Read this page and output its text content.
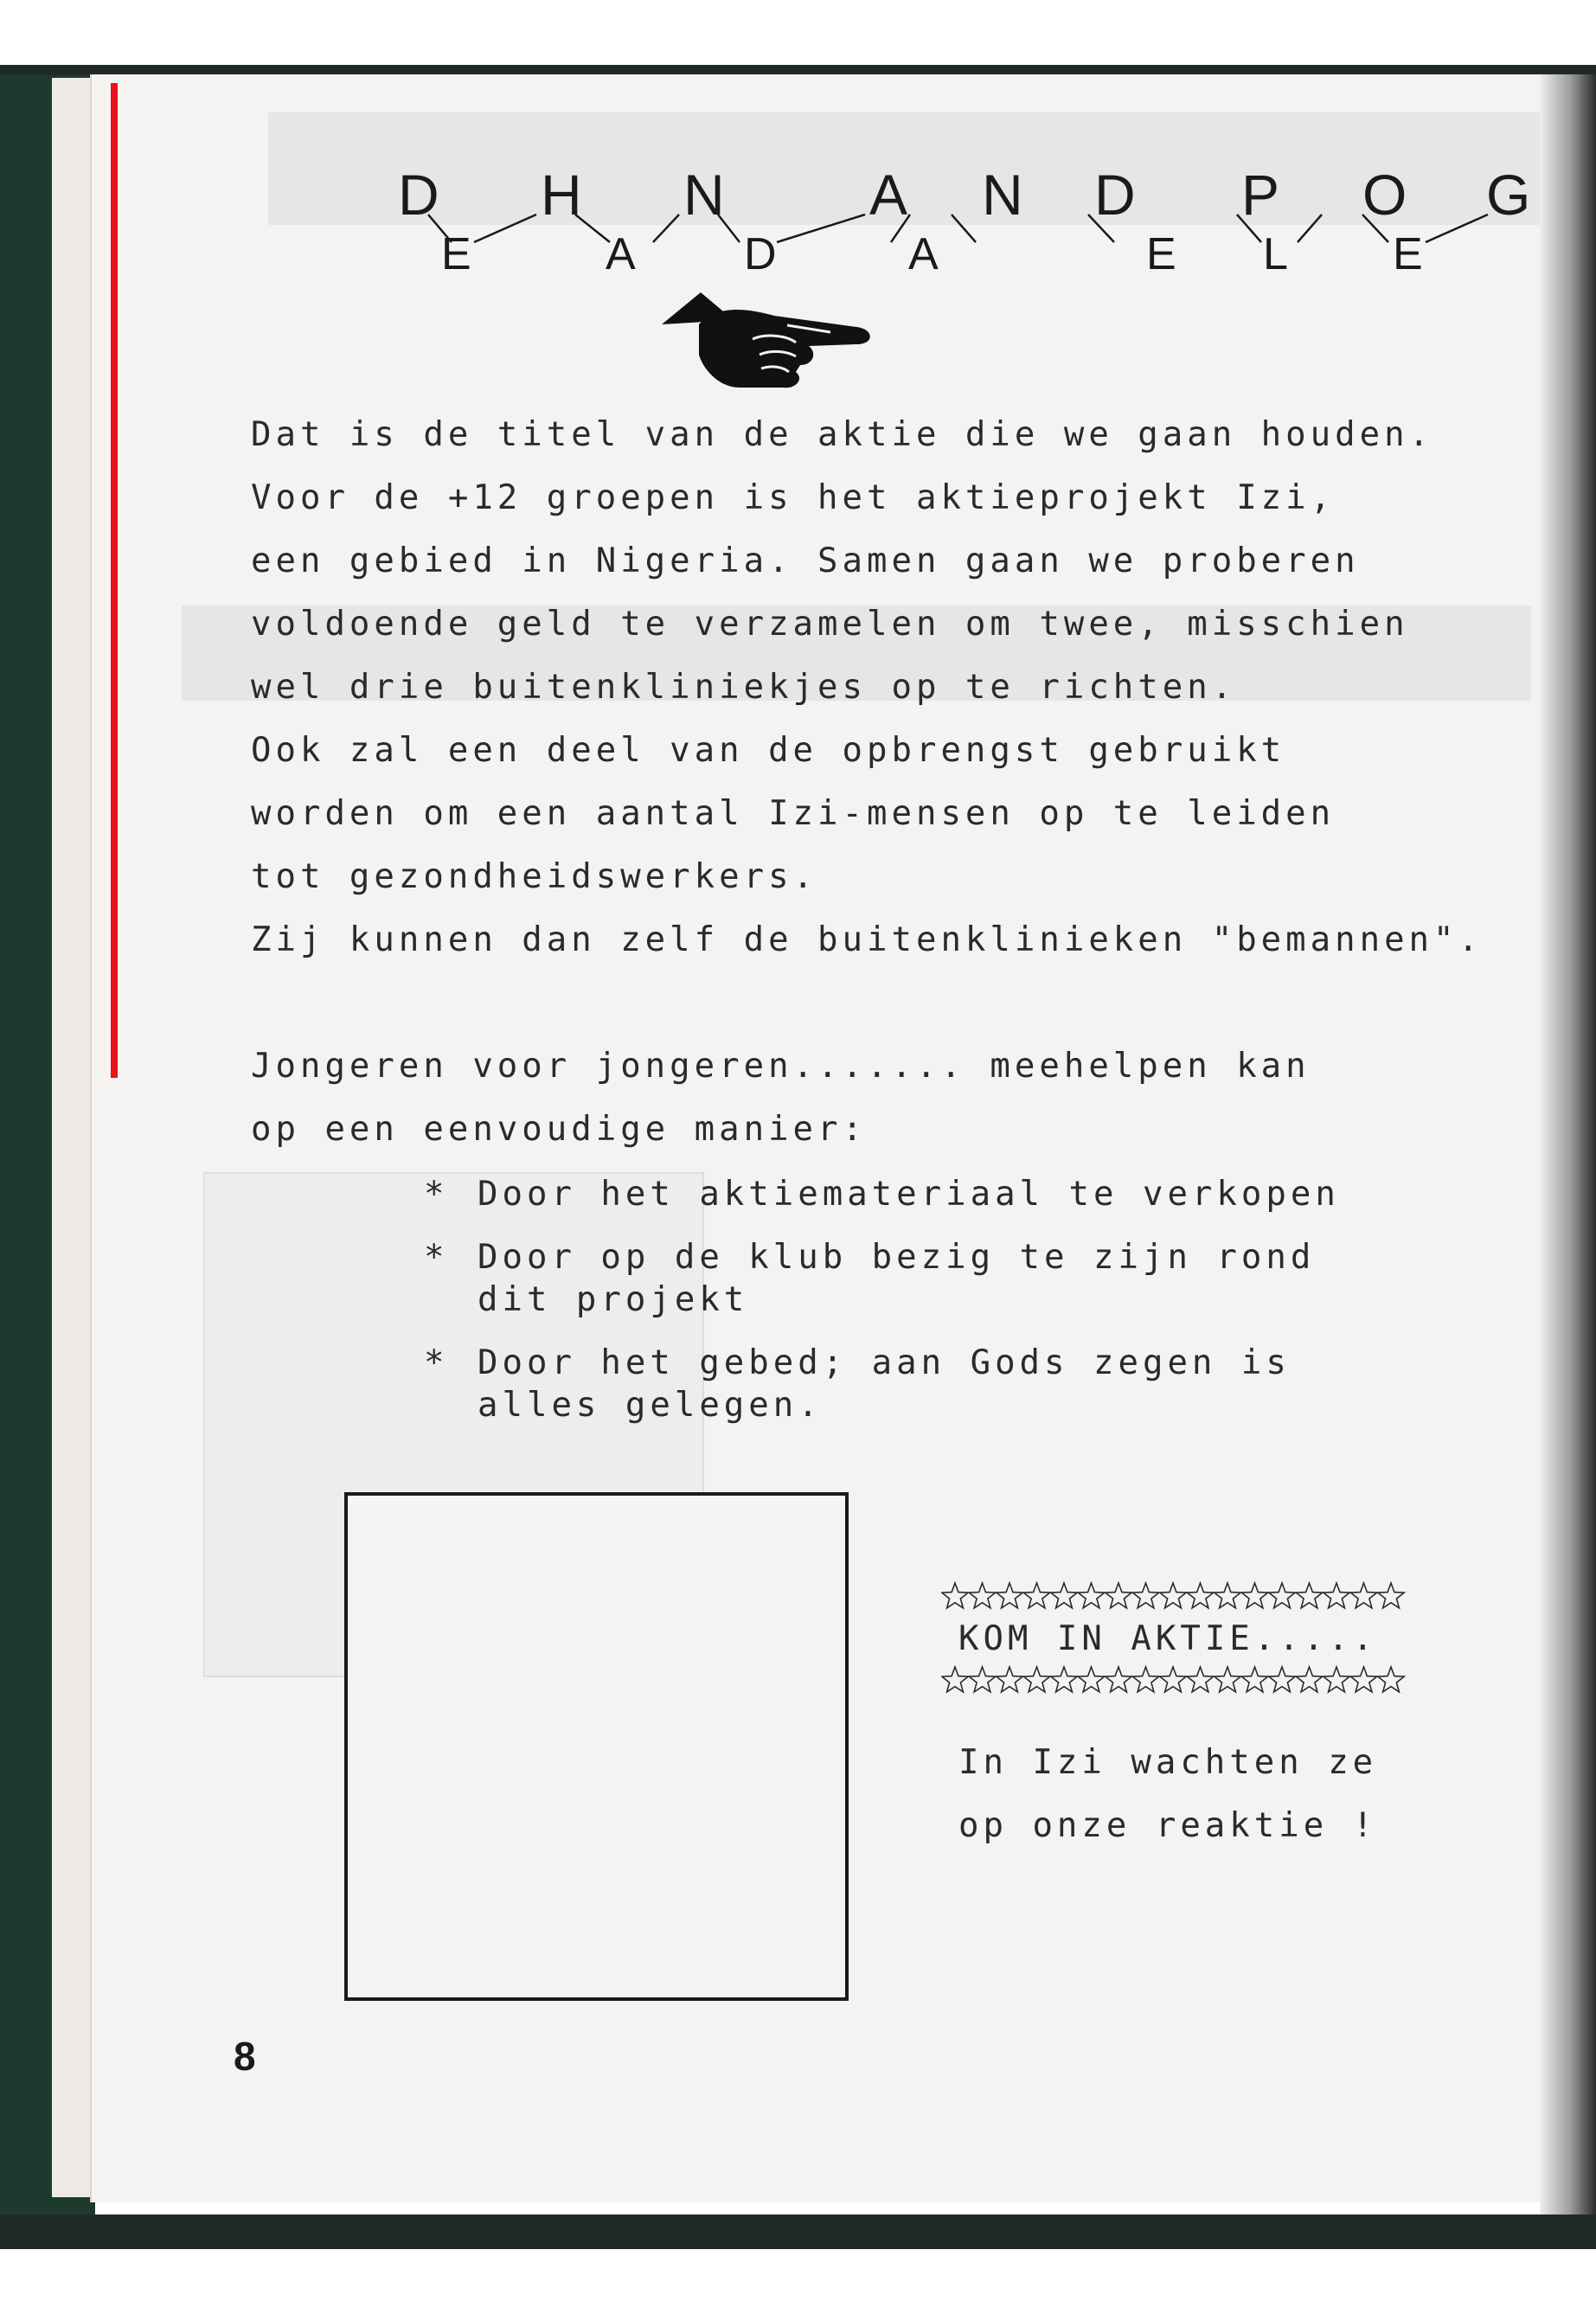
D H N	A N D P O G
E	A D	A	E L E
Dat is de titel van de aktie die we gaan houden.
Voor de +12 groepen is het aktieprojekt Izi,
een gebied in Nigeria. Samen gaan we proberen
voldoende geld te verzamelen om twee, misschien
wel drie buitenkliniekjes op te richten.
Ook zal een deel van de opbrengst gebruikt
worden om een aantal Izi-mensen op te leiden
tot gezondheidswerkers.
Zij kunnen dan zelf de buitenklinieken "bemannen".
Jongeren voor jongeren....... meehelpen kan
op een eenvoudige manier:

*

Door het aktiemateriaal te verkopen

*

Door op de klub bezig te zijn rond

dit projekt

*

Door het gebed; aan Gods zegen is

alles gelegen.

KOM IN AKTIE.....
In Izi wachten ze
op onze reaktie !
8
